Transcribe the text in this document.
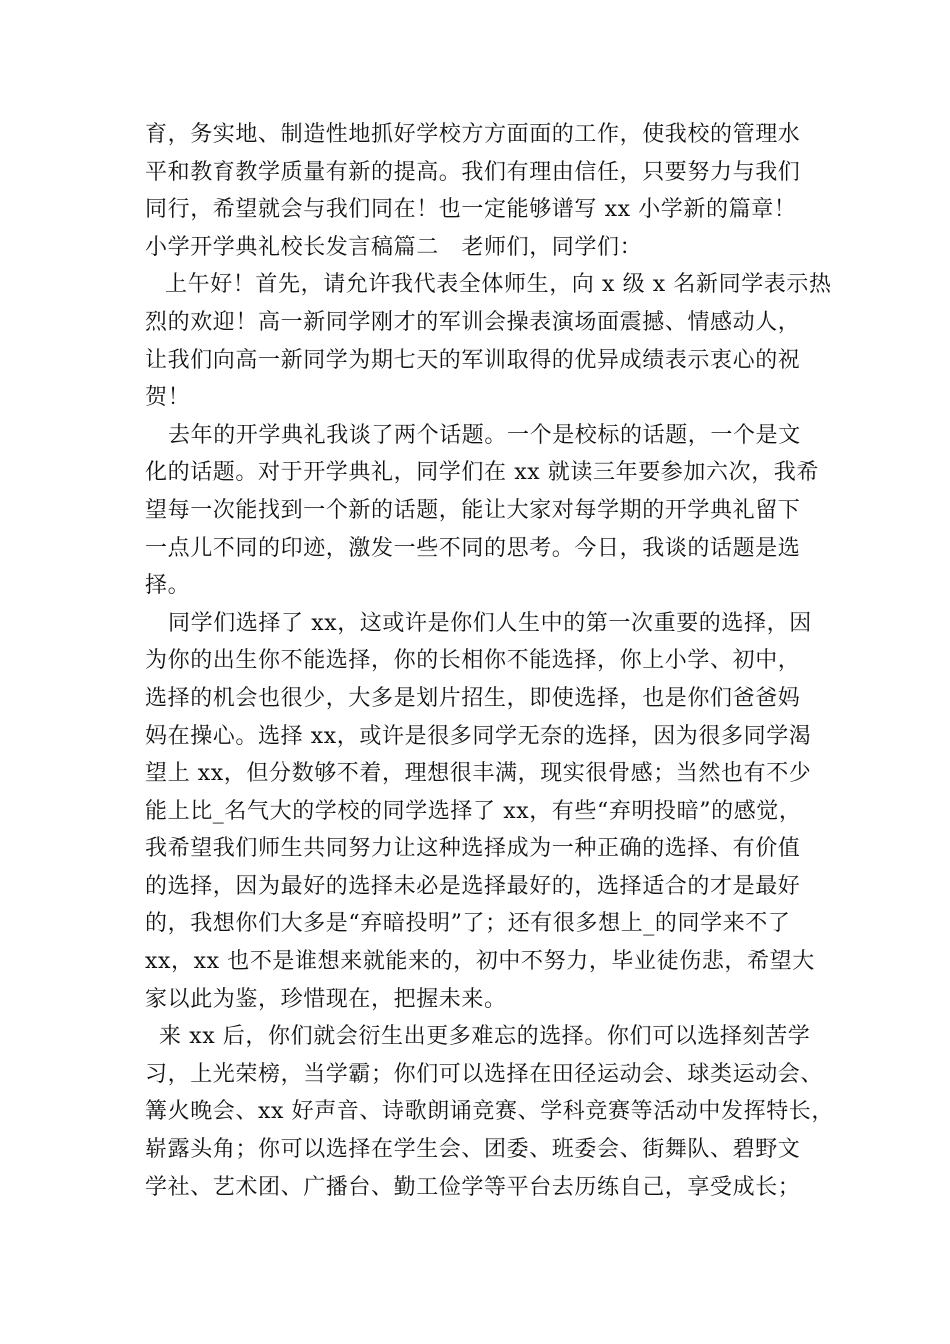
育，务实地、制造性地抓好学校方方面面的工作，使我校的管理水
平和教育教学质量有新的提高。我们有理由信任，只要努力与我们
同行，希望就会与我们同在！也一定能够谱写 xx 小学新的篇章！
小学开学典礼校长发言稿篇二　老师们，同学们：
上午好！首先，请允许我代表全体师生，向 x 级 x 名新同学表示热
烈的欢迎！高一新同学刚才的军训会操表演场面震撼、情感动人，
让我们向高一新同学为期七天的军训取得的优异成绩表示衷心的祝
贺！
去年的开学典礼我谈了两个话题。一个是校标的话题，一个是文
化的话题。对于开学典礼，同学们在 xx 就读三年要参加六次，我希
望每一次能找到一个新的话题，能让大家对每学期的开学典礼留下
一点儿不同的印迹，激发一些不同的思考。今日，我谈的话题是选
择。
同学们选择了 xx，这或许是你们人生中的第一次重要的选择，因
为你的出生你不能选择，你的长相你不能选择，你上小学、初中，
选择的机会也很少，大多是划片招生，即使选择，也是你们爸爸妈
妈在操心。选择 xx，或许是很多同学无奈的选择，因为很多同学渴
望上 xx，但分数够不着，理想很丰满，现实很骨感；当然也有不少
能上比_名气大的学校的同学选择了 xx，有些“弃明投暗”的感觉，
我希望我们师生共同努力让这种选择成为一种正确的选择、有价值
的选择，因为最好的选择未必是选择最好的，选择适合的才是最好
的，我想你们大多是“弃暗投明”了；还有很多想上_的同学来不了
xx，xx 也不是谁想来就能来的，初中不努力，毕业徒伤悲，希望大
家以此为鉴，珍惜现在，把握未来。
来 xx 后，你们就会衍生出更多难忘的选择。你们可以选择刻苦学
习，上光荣榜，当学霸；你们可以选择在田径运动会、球类运动会、
篝火晚会、xx 好声音、诗歌朗诵竞赛、学科竞赛等活动中发挥特长，
崭露头角；你可以选择在学生会、团委、班委会、街舞队、碧野文
学社、艺术团、广播台、勤工俭学等平台去历练自己，享受成长；
